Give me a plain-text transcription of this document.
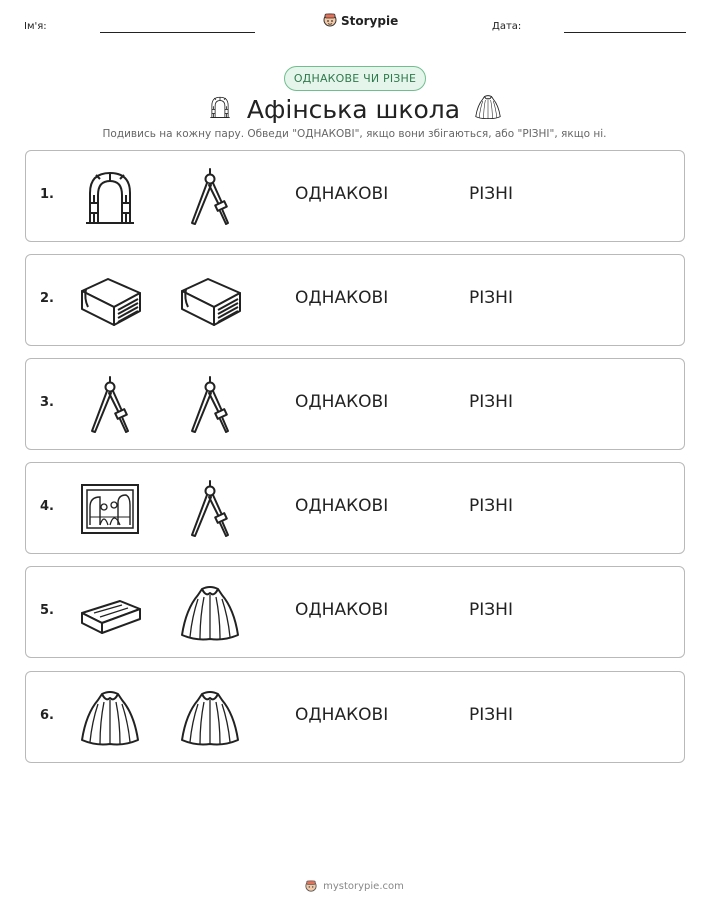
Ім'я:	Storypie	Дата:
ОДНАКОВЕ ЧИ РІЗНЕ
Афінська школа
Подивись на кожну пару. Обведи "ОДНАКОВІ", якщо вони збігаються, або "РІЗНІ", якщо ні.
1.	ОДНАКОВІ	РІЗНІ
2.	ОДНАКОВІ	РІЗНІ
3.	ОДНАКОВІ	РІЗНІ
4.	ОДНАКОВІ	РІЗНІ
5.	ОДНАКОВІ	РІЗНІ
6.	ОДНАКОВІ	РІЗНІ
mystorypie.com
